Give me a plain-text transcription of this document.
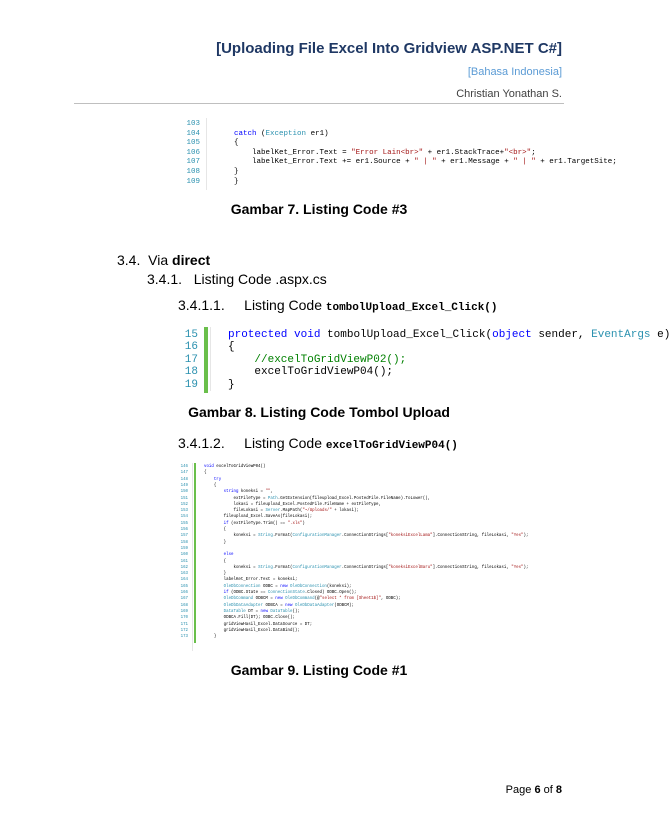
[Uploading File Excel Into Gridview ASP.NET C#]
[Bahasa Indonesia]
Christian Yonathan S.
103
104	catch (Exception er1)
105	{
106	labelKet_Error.Text = "Error Lain<br>" + er1.StackTrace+"<br>";
107	labelKet_Error.Text += er1.Source + " | " + er1.Message + " | " + er1.TargetSite;
108	}
109	}
Gambar 7. Listing Code #3
3.4. Via direct
3.4.1. Listing Code .aspx.cs
3.4.1.1. Listing Code tombolUpload_Excel_Click()
15	protected void tombolUpload_Excel_Click(object sender, EventArgs e)
16	{
17	//excelToGridViewP02();
18	excelToGridViewP04();
19	}
Gambar 8. Listing Code Tombol Upload
3.4.1.2. Listing Code excelToGridViewP04()
146	void excelToGridViewP04()
147	{
148	try
149	{
150	string koneksi = "",
151	extFileType = Path.GetExtension(fileupload_Excel.PostedFile.FileName).ToLower(),
152	lokasi = fileupload_Excel.PostedFile.FileName + extFileType,
153	fileLokasi = Server.MapPath("~/Uploads/" + lokasi);
154	fileupload_Excel.SaveAs(fileLokasi);
155	if (extFileType.Trim() == ".xls")
156	{
157	koneksi = String.Format(ConfigurationManager.ConnectionStrings["koneksiExcelLama"].ConnectionString, fileLokasi, "Yes");
158	}
159
160	else
161	{
162	koneksi = String.Format(ConfigurationManager.ConnectionStrings["koneksiExcelBaru"].ConnectionString, fileLokasi, "Yes");
163	}
164	labelKet_Error.Text = koneksi;
165	OleDbConnection ODBC = new OleDbConnection(koneksi);
166	if (ODBC.State == ConnectionState.Closed) ODBC.Open();
167	OleDbCommand ODBCM = new OleDbCommand(@"select * from [Sheet1$]", ODBC);
168	OleDbDataAdapter ODBCA = new OleDbDataAdapter(ODBCM);
169	DataTable DT = new DataTable();
170	ODBCA.Fill(DT); ODBC.Close();
171	gridViewHasil_Excel.DataSource = DT;
172	gridViewHasil_Excel.DataBind();
173	}
Gambar 9. Listing Code #1
Page 6 of 8
